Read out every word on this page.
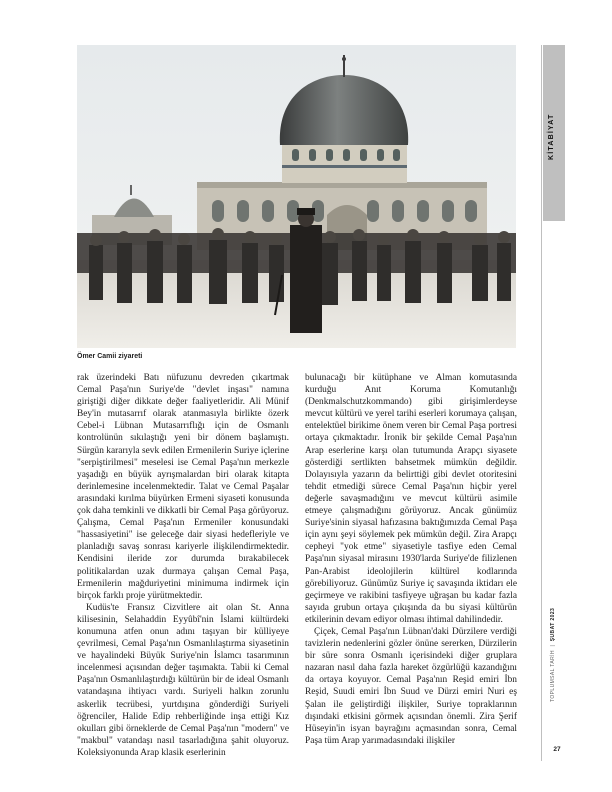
Ömer Camii ziyareti

rak üzerindeki Batı nüfuzunu devreden çıkartmak Cemal Paşa'nın Suriye'de "devlet inşası" namına giriştiği diğer dikkate değer faaliyetleridir. Ali Münif Bey'in mutasarrıf olarak atanmasıyla birlikte özerk Cebel-i Lübnan Mutasarrıflığı için de Osmanlı kontrolünün sıkılaştığı yeni bir dönem başlamıştı. Sürgün kararıyla sevk edilen Ermenilerin Suriye içlerine "serpiştirilmesi" meselesi ise Cemal Paşa'nın merkezle yaşadığı en büyük ayrışmalardan biri olarak kitapta derinlemesine incelenmektedir. Talat ve Cemal Paşalar arasındaki kırılma büyürken Ermeni siyaseti konusunda çok daha temkinli ve dikkatli bir Cemal Paşa görüyoruz. Çalışma, Cemal Paşa'nın Ermeniler konusundaki "hassasiyetini" ise geleceğe dair siyasi hedefleriyle ve planladığı savaş sonrası kariyerle ilişkilendirmektedir. Kendisini ileride zor durumda bırakabilecek politikalardan uzak durmaya çalışan Cemal Paşa, Ermenilerin mağduriyetini minimuma indirmek için birçok farklı proje yürütmektedir.

Kudüs'te Fransız Cizvitlere ait olan St. Anna kilisesinin, Selahaddin Eyyûbî'nin İslami kültürdeki konumuna atfen onun adını taşıyan bir külliyeye çevrilmesi, Cemal Paşa'nın Osmanlılaştırma siyasetinin ve hayalindeki Büyük Suriye'nin İslamcı tasarımının incelenmesi açısından değer taşımakta. Tabii ki Cemal Paşa'nın Osmanlılaştırdığı kültürün bir de ideal Osmanlı vatandaşına ihtiyacı vardı. Suriyeli halkın zorunlu askerlik tecrübesi, yurtdışına gönderdiği Suriyeli öğrenciler, Halide Edip rehberliğinde inşa ettiği Kız okulları gibi örneklerde de Cemal Paşa'nın "modern" ve "makbul" vatandaşı nasıl tasarladığına şahit oluyoruz. Koleksiyonunda Arap klasik eserlerinin

bulunacağı bir kütüphane ve Alman komutasında kurduğu Anıt Koruma Komutanlığı (Denkmalschutzkommando) gibi girişimlerdeyse mevcut kültürü ve yerel tarihi eserleri korumaya çalışan, entelektüel birikime önem veren bir Cemal Paşa portresi ortaya çıkmaktadır. İronik bir şekilde Cemal Paşa'nın Arap eserlerine karşı olan tutumunda Arapçı siyasete gösterdiği sertlikten bahsetmek mümkün değildir. Dolayısıyla yazarın da belirttiği gibi devlet otoritesini tehdit etmediği sürece Cemal Paşa'nın hiçbir yerel değerle savaşmadığını ve mevcut kültürü asimile etmeye çalışmadığını görüyoruz. Ancak günümüz Suriye'sinin siyasal hafızasına baktığımızda Cemal Paşa için aynı şeyi söylemek pek mümkün değil. Zira Arapçı cepheyi "yok etme" siyasetiyle tasfiye eden Cemal Paşa'nın siyasal mirasını 1930'larda Suriye'de filizlenen Pan-Arabist ideolojilerin kültürel kodlarında görebiliyoruz. Günümüz Suriye iç savaşında iktidarı ele geçirmeye ve rakibini tasfiyeye uğraşan bu kadar fazla sayıda grubun ortaya çıkışında da bu siyasi kültürün etkilerinin devam ediyor olması ihtimal dahilindedir.

Çiçek, Cemal Paşa'nın Lübnan'daki Dürzilere verdiği tavizlerin nedenlerini gözler önüne sererken, Dürzilerin bir süre sonra Osmanlı içerisindeki diğer gruplara nazaran nasıl daha fazla hareket özgürlüğü kazandığını da ortaya koyuyor. Cemal Paşa'nın Reşid emiri İbn Reşid, Suudi emiri İbn Suud ve Dürzi emiri Nuri eş Şalan ile geliştirdiği ilişkiler, Suriye topraklarının dışındaki etkisini görmek açısından önemli. Zira Şerif Hüseyin'in isyan bayrağını açmasından sonra, Cemal Paşa tüm Arap yarımadasındaki ilişkiler

KİTABİYAT
TOPLUMSAL TARİH  |  ŞUBAT 2023
27
